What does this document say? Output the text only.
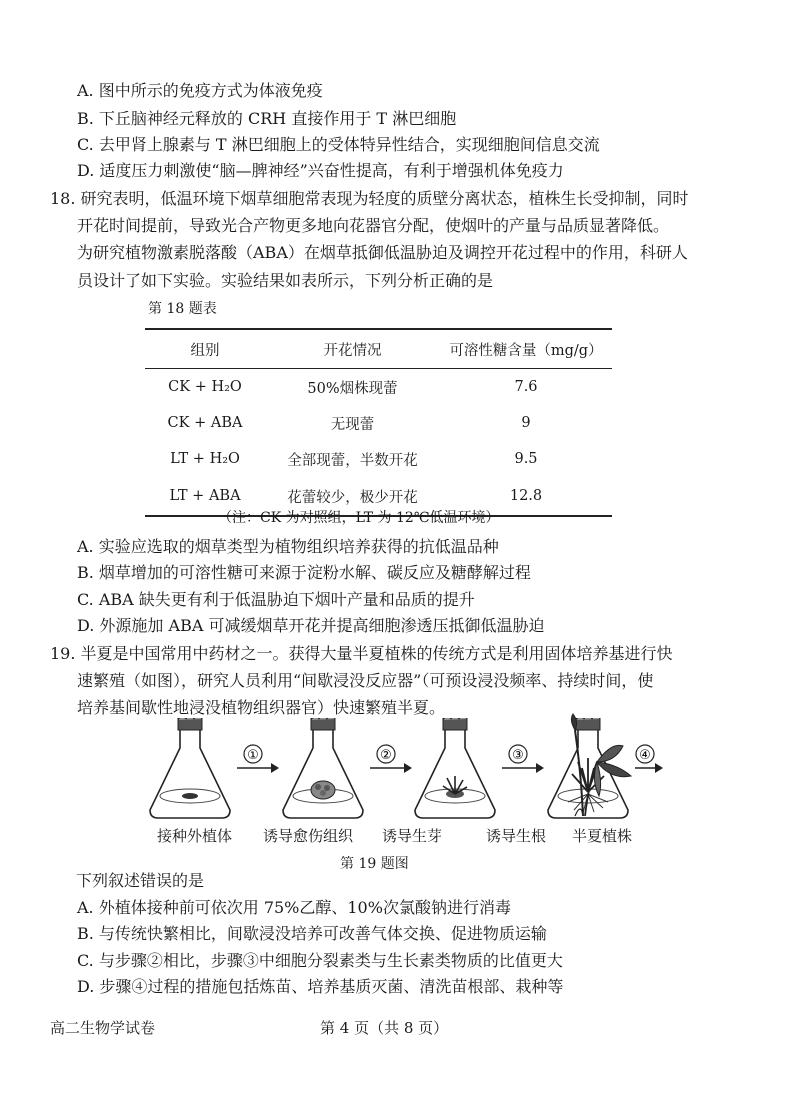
A. 图中所示的免疫方式为体液免疫
B. 下丘脑神经元释放的 CRH 直接作用于 T 淋巴细胞
C. 去甲肾上腺素与 T 淋巴细胞上的受体特异性结合，实现细胞间信息交流
D. 适度压力刺激使“脑—脾神经”兴奋性提高，有利于增强机体免疫力
18. 研究表明，低温环境下烟草细胞常表现为轻度的质壁分离状态，植株生长受抑制，同时
开花时间提前，导致光合产物更多地向花器官分配，使烟叶的产量与品质显著降低。
为研究植物激素脱落酸（ABA）在烟草抵御低温胁迫及调控开花过程中的作用，科研人
员设计了如下实验。实验结果如表所示，下列分析正确的是
第 18 题表
组别	开花情况	可溶性糖含量（mg/g）
CK + H₂O	50%烟株现蕾	7.6
CK + ABA	无现蕾	9
LT + H₂O	全部现蕾，半数开花	9.5
LT + ABA	花蕾较少，极少开花	12.8
（注：CK 为对照组，LT 为 12℃低温环境）
A. 实验应选取的烟草类型为植物组织培养获得的抗低温品种
B. 烟草增加的可溶性糖可来源于淀粉水解、碳反应及糖酵解过程
C. ABA 缺失更有利于低温胁迫下烟叶产量和品质的提升
D. 外源施加 ABA 可减缓烟草开花并提高细胞渗透压抵御低温胁迫
19. 半夏是中国常用中药材之一。获得大量半夏植株的传统方式是利用固体培养基进行快
速繁殖（如图），研究人员利用“间歇浸没反应器”（可预设浸没频率、持续时间，使
培养基间歇性地浸没植物组织器官）快速繁殖半夏。
①	②	③	④
接种外植体 诱导愈伤组织 诱导生芽	诱导生根 半夏植株
第 19 题图
下列叙述错误的是
A. 外植体接种前可依次用 75%乙醇、10%次氯酸钠进行消毒
B. 与传统快繁相比，间歇浸没培养可改善气体交换、促进物质运输
C. 与步骤②相比，步骤③中细胞分裂素类与生长素类物质的比值更大
D. 步骤④过程的措施包括炼苗、培养基质灭菌、清洗苗根部、栽种等
高二生物学试卷	第 4 页（共 8 页）
